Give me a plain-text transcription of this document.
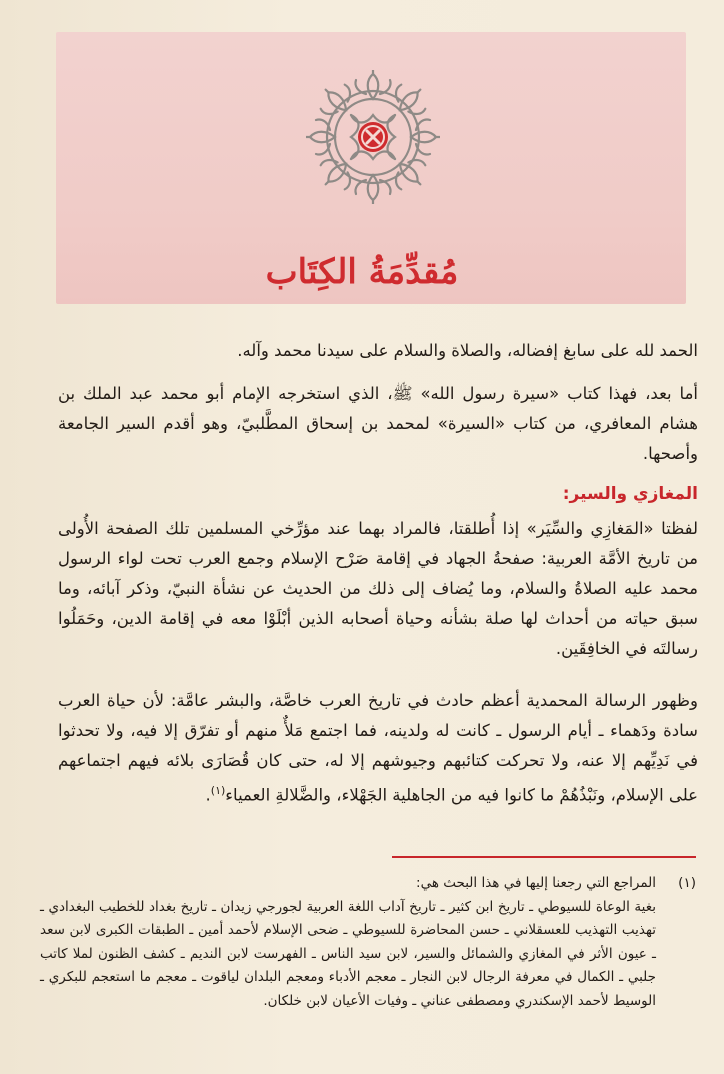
مُقدِّمَةُ الكِتَاب
الحمد لله على سابغ إفضاله، والصلاة والسلام على سيدنا محمد وآله.
أما بعد، فهذا كتاب «سيرة رسول الله» ﷺ، الذي استخرجه الإمام أبو محمد عبد الملك بن هشام المعافري، من كتاب «السيرة» لمحمد بن إسحاق المطَّلبيّ، وهو أقدم السير الجامعة وأصحها.
المغازي والسير:
لفظتا «المَغازِي والسِّيَر» إذا أُطلقتا، فالمراد بهما عند مؤرِّخي المسلمين تلك الصفحة الأُولى من تاريخ الأمَّة العربية: صفحةُ الجهاد في إقامة صَرْح الإسلام وجمع العرب تحت لواء الرسول محمد عليه الصلاةُ والسلام، وما يُضاف إلى ذلك من الحديث عن نشأة النبيّ، وذكر آبائه، وما سبق حياته من أحداث لها صلة بشأنه وحياة أصحابه الذين أبْلَوْا معه في إقامة الدين، وحَمَلُوا رسالتَه في الخافِقَين.
وظهور الرسالة المحمدية أعظم حادث في تاريخ العرب خاصَّة، والبشر عامَّة: لأن حياة العرب سادة ودَهماء ـ أيام الرسول ـ كانت له ولدينه، فما اجتمع مَلأٌ منهم أو تفرّق إلا فيه، ولا تحدثوا في نَدِيِّهم إلا عنه، ولا تحركت كتائبهم وجيوشهم إلا له، حتى كان قُصَارَى بلائه فيهم اجتماعهم على الإسلام، ونَبْذُهُمْ ما كانوا فيه من الجاهلية الجَهْلاء، والضَّلالةِ العمياء$^{(١)}$.
(١)
المراجع التي رجعنا إليها في هذا البحث هي:
بغية الوعاة للسيوطي ـ تاريخ ابن كثير ـ تاريخ آداب اللغة العربية لجورجي زيدان ـ تاريخ بغداد للخطيب البغدادي ـ تهذيب التهذيب للعسقلاني ـ حسن المحاضرة للسيوطي ـ ضحى الإسلام لأحمد أمين ـ الطبقات الكبرى لابن سعد ـ عيون الأثر في المغازي والشمائل والسير، لابن سيد الناس ـ الفهرست لابن النديم ـ كشف الظنون لملا كاتب جلبي ـ الكمال في معرفة الرجال لابن النجار ـ معجم الأدباء ومعجم البلدان لياقوت ـ معجم ما استعجم للبكري ـ الوسيط لأحمد الإسكندري ومصطفى عناني ـ وفيات الأعيان لابن خلكان.
